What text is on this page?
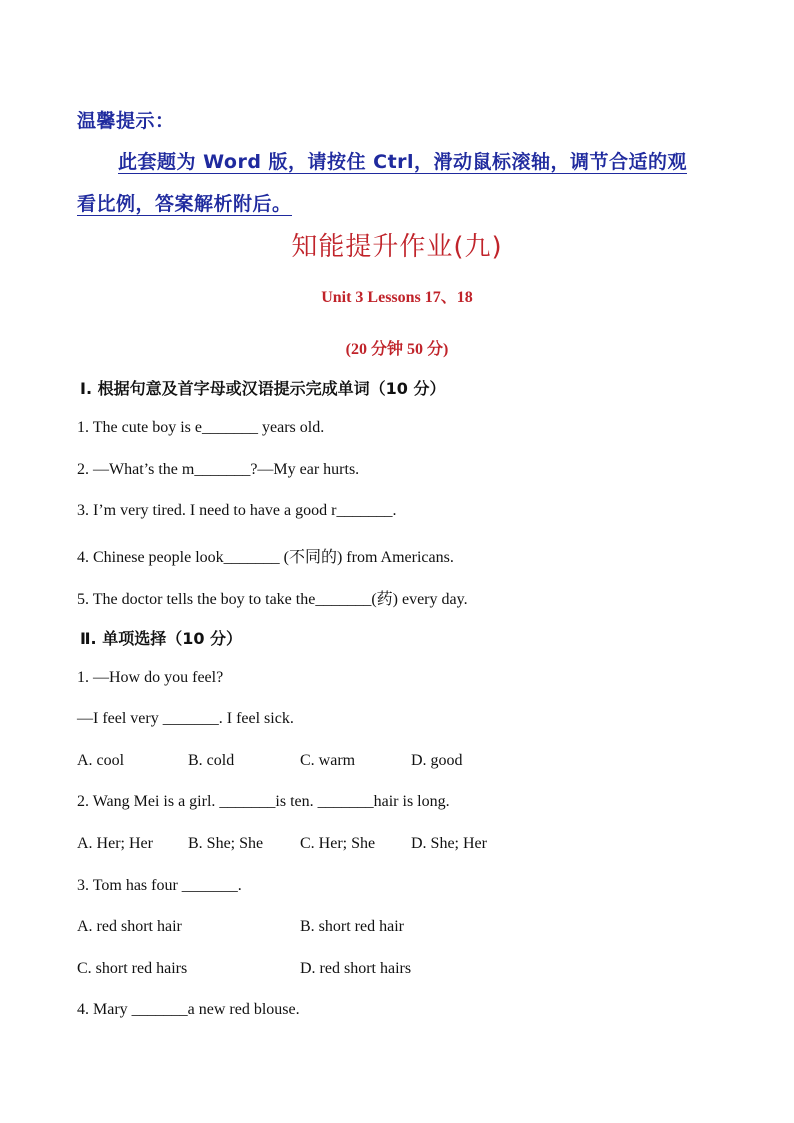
温馨提示：
此套题为 Word 版，请按住 Ctrl，滑动鼠标滚轴，调节合适的观
看比例，答案解析附后。
知能提升作业(九)
Unit 3 Lessons 17、18
(20 分钟 50 分)
Ⅰ. 根据句意及首字母或汉语提示完成单词（10 分）
1. The cute boy is e_______ years old.
2. —What’s the m_______?—My ear hurts.
3. I’m very tired. I need to have a good r_______.
4. Chinese people look_______ (不同的) from Americans.
5. The doctor tells the boy to take the_______(药) every day.
Ⅱ. 单项选择（10 分）
1. —How do you feel?
—I feel very _______. I feel sick.
A. cool	B. cold	C. warm	D. good
2. Wang Mei is a girl. _______is ten. _______hair is long.
A. Her; Her B. She; She C. Her; She D. She; Her
3. Tom has four _______.
A. red short hair	B. short red hair
C. short red hairs	D. red short hairs
4. Mary _______a new red blouse.
